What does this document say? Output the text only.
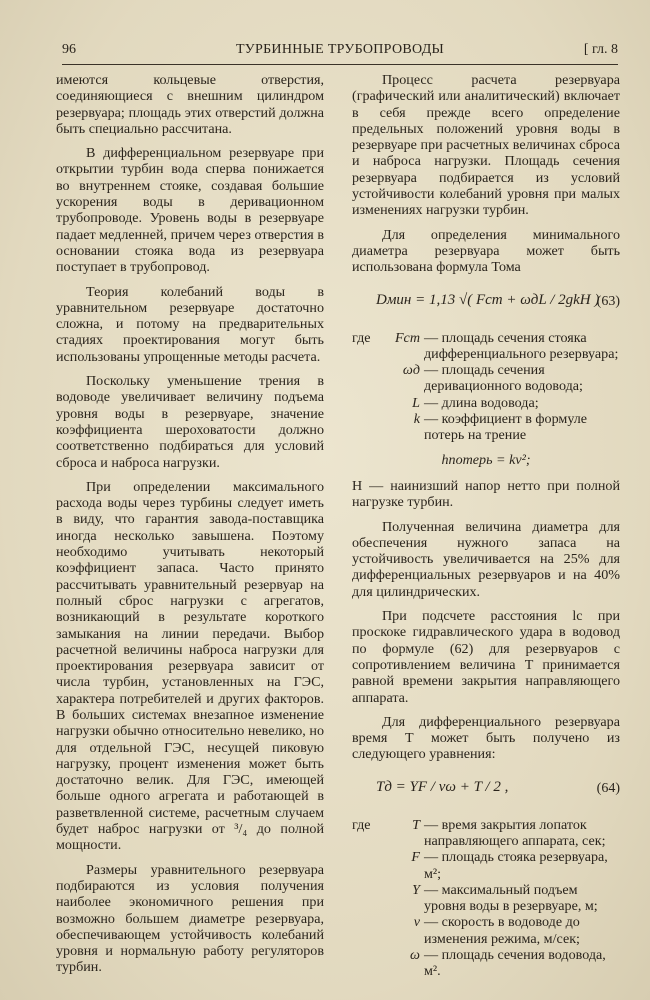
96	ТУРБИННЫЕ ТРУБОПРОВОДЫ	[ гл. 8

имеются кольцевые отверстия, соединяющиеся с внешним цилиндром резервуара; площадь этих отверстий должна быть специально рассчитана.

В дифференциальном резервуаре при открытии турбин вода сперва понижается во внутреннем стояке, создавая большие ускорения воды в деривационном трубопроводе. Уровень воды в резервуаре падает медленней, причем через отверстия в основании стояка вода из резервуара поступает в трубопровод.

Теория колебаний воды в уравнительном резервуаре достаточно сложна, и потому на предварительных стадиях проектирования могут быть использованы упрощенные методы расчета.

Поскольку уменьшение трения в водоводе увеличивает величину подъема уровня воды в резервуаре, значение коэффициента шероховатости должно соответственно подбираться для условий сброса и наброса нагрузки.

При определении максимального расхода воды через турбины следует иметь в виду, что гарантия завода-поставщика иногда несколько завышена. Поэтому необходимо учитывать некоторый коэффициент запаса. Часто принято рассчитывать уравнительный резервуар на полный сброс нагрузки с агрегатов, возникающий в результате короткого замыкания на линии передачи. Выбор расчетной величины наброса нагрузки для проектирования резервуара зависит от числа турбин, установленных на ГЭС, характера потребителей и других факторов. В больших системах внезапное изменение нагрузки обычно относительно невелико, но для отдельной ГЭС, несущей пиковую нагрузку, процент изменения может быть достаточно велик. Для ГЭС, имеющей больше одного агрегата и работающей в разветвленной системе, расчетным случаем будет наброс нагрузки от ³/₄ до полной мощности.

Размеры уравнительного резервуара подбираются из условия получения наиболее экономичного решения при возможно большем диаметре резервуара, обеспечивающем устойчивость колебаний уровня и нормальную работу регуляторов турбин.

Процесс расчета резервуара (графический или аналитический) включает в себя прежде всего определение предельных положений уровня воды в резервуаре при расчетных величинах сброса и наброса нагрузки. Площадь сечения резервуара подбирается из условий устойчивости колебаний уровня при малых изменениях нагрузки турбин.

Для определения минимального диаметра резервуара может быть использована формула Тома

Dмин = 1,13 √( Fст + ωдL / 2gkH )
(63)
где Fст — площадь сечения стояка дифференциального резервуара;
ωд — площадь сечения деривационного водовода;
L — длина водовода;
k — коэффициент в формуле потерь на трение
hпотерь = kv²;

H — наинизший напор нетто при полной нагрузке турбин.

Полученная величина диаметра для обеспечения нужного запаса на устойчивость увеличивается на 25% для дифференциальных резервуаров и на 40% для цилиндрических.

При подсчете расстояния lc при проскоке гидравлического удара в водовод по формуле (62) для резервуаров с сопротивлением величина T принимается равной времени закрытия направляющего аппарата.

Для дифференциального резервуара время T может быть получено из следующего уравнения:

Tд = YF / vω + T / 2 ,	(64)
где	T — время закрытия лопаток направляющего аппарата, сек;
F — площадь стояка резервуара, м²;
Y — максимальный подъем уровня воды в резервуаре, м;
v — скорость в водоводе до изменения режима, м/сек;
ω — площадь сечения водовода, м².
